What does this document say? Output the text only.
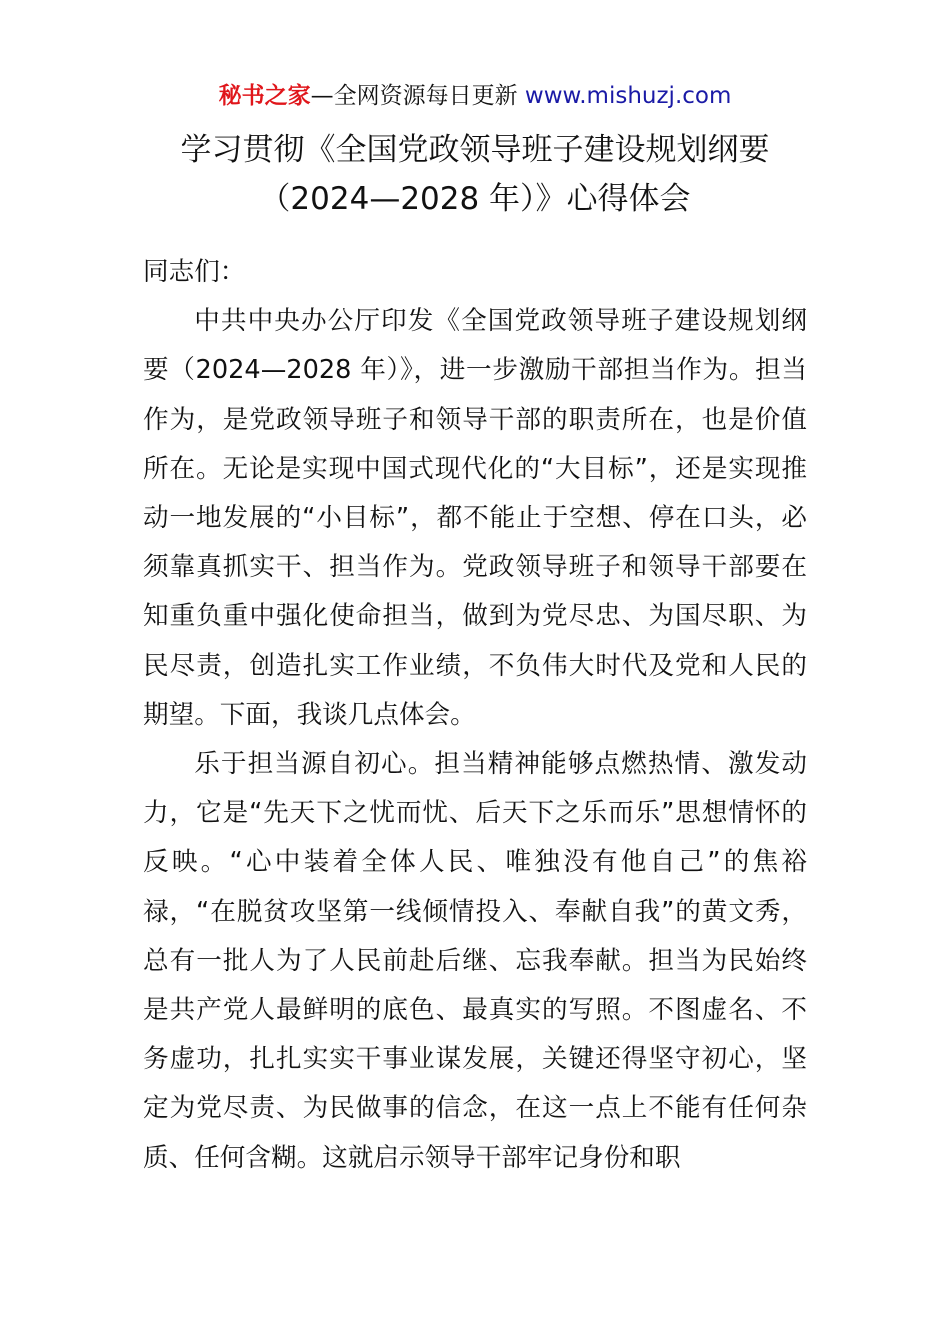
秘书之家—全网资源每日更新 www.mishuzj.com
学习贯彻《全国党政领导班子建设规划纲要
（2024—2028 年）》心得体会

同志们：

中共中央办公厅印发《全国党政领导班子建设规划纲要（2024—2028 年）》，进一步激励干部担当作为。担当作为，是党政领导班子和领导干部的职责所在，也是价值所在。无论是实现中国式现代化的“大目标”，还是实现推动一地发展的“小目标”，都不能止于空想、停在口头，必须靠真抓实干、担当作为。党政领导班子和领导干部要在知重负重中强化使命担当，做到为党尽忠、为国尽职、为民尽责，创造扎实工作业绩，不负伟大时代及党和人民的期望。下面，我谈几点体会。

乐于担当源自初心。担当精神能够点燃热情、激发动力，它是“先天下之忧而忧、后天下之乐而乐”思想情怀的反映。“心中装着全体人民、唯独没有他自己”的焦裕禄，“在脱贫攻坚第一线倾情投入、奉献自我”的黄文秀，总有一批人为了人民前赴后继、忘我奉献。担当为民始终是共产党人最鲜明的底色、最真实的写照。不图虚名、不务虚功，扎扎实实干事业谋发展，关键还得坚守初心，坚定为党尽责、为民做事的信念，在这一点上不能有任何杂质、任何含糊。这就启示领导干部牢记身份和职
